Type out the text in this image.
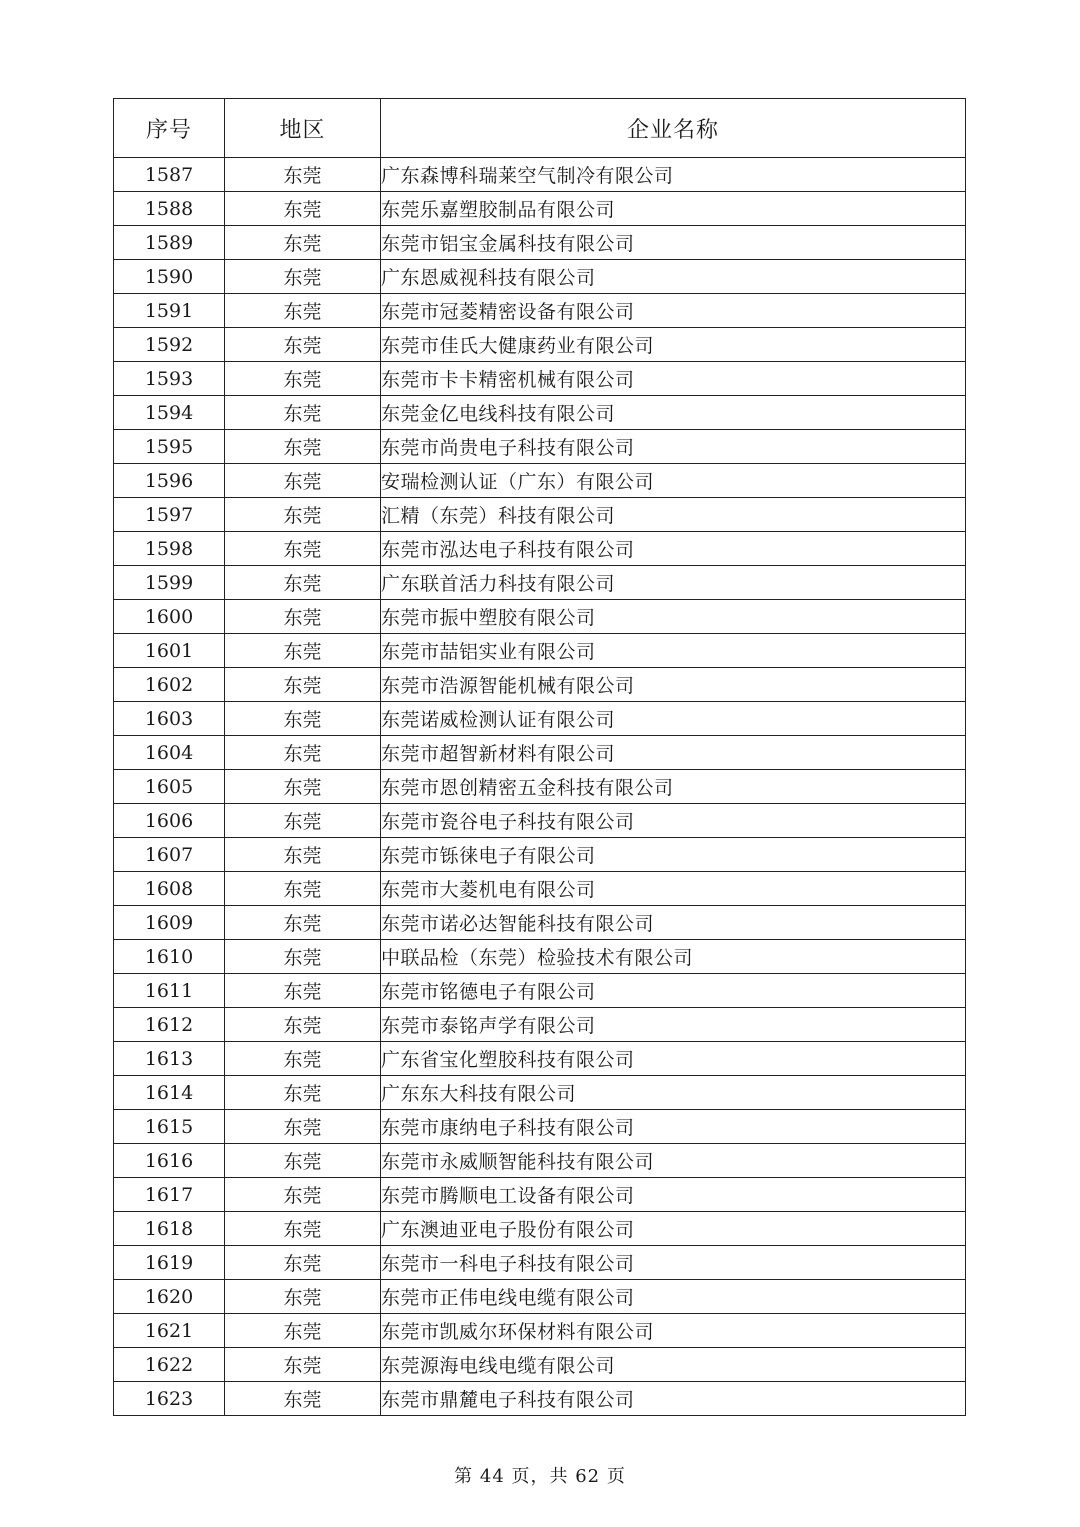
序号	地区	企业名称
1587	东莞	广东森博科瑞莱空气制冷有限公司
1588	东莞	东莞乐嘉塑胶制品有限公司
1589	东莞	东莞市铝宝金属科技有限公司
1590	东莞	广东恩威视科技有限公司
1591	东莞	东莞市冠菱精密设备有限公司
1592	东莞	东莞市佳氏大健康药业有限公司
1593	东莞	东莞市卡卡精密机械有限公司
1594	东莞	东莞金亿电线科技有限公司
1595	东莞	东莞市尚贵电子科技有限公司
1596	东莞	安瑞检测认证（广东）有限公司
1597	东莞	汇精（东莞）科技有限公司
1598	东莞	东莞市泓达电子科技有限公司
1599	东莞	广东联首活力科技有限公司
1600	东莞	东莞市振中塑胶有限公司
1601	东莞	东莞市喆铝实业有限公司
1602	东莞	东莞市浩源智能机械有限公司
1603	东莞	东莞诺威检测认证有限公司
1604	东莞	东莞市超智新材料有限公司
1605	东莞	东莞市恩创精密五金科技有限公司
1606	东莞	东莞市瓷谷电子科技有限公司
1607	东莞	东莞市铄徕电子有限公司
1608	东莞	东莞市大菱机电有限公司
1609	东莞	东莞市诺必达智能科技有限公司
1610	东莞	中联品检（东莞）检验技术有限公司
1611	东莞	东莞市铭德电子有限公司
1612	东莞	东莞市泰铭声学有限公司
1613	东莞	广东省宝化塑胶科技有限公司
1614	东莞	广东东大科技有限公司
1615	东莞	东莞市康纳电子科技有限公司
1616	东莞	东莞市永威顺智能科技有限公司
1617	东莞	东莞市腾顺电工设备有限公司
1618	东莞	广东澳迪亚电子股份有限公司
1619	东莞	东莞市一科电子科技有限公司
1620	东莞	东莞市正伟电线电缆有限公司
1621	东莞	东莞市凯威尔环保材料有限公司
1622	东莞	东莞源海电线电缆有限公司
1623	东莞	东莞市鼎麓电子科技有限公司
第 44 页，共 62 页
